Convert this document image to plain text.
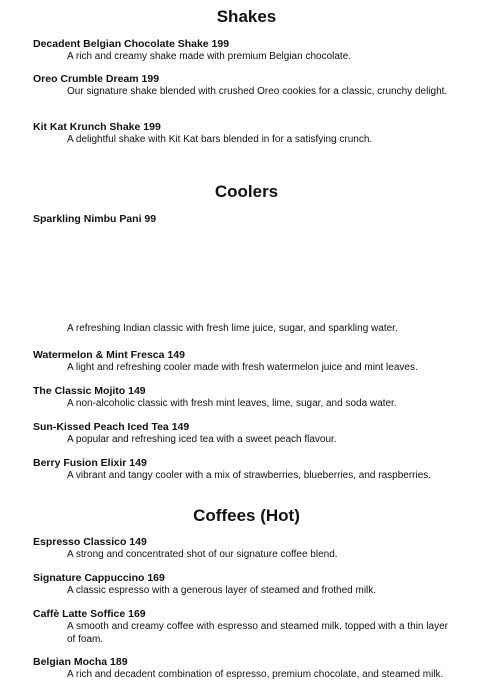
Shakes
Decadent Belgian Chocolate Shake 199
A rich and creamy shake made with premium Belgian chocolate.
Oreo Crumble Dream 199
Our signature shake blended with crushed Oreo cookies for a classic, crunchy delight.
Kit Kat Krunch Shake 199
A delightful shake with Kit Kat bars blended in for a satisfying crunch.
Coolers
Sparkling Nimbu Pani 99
A refreshing Indian classic with fresh lime juice, sugar, and sparkling water.
Watermelon & Mint Fresca 149
A light and refreshing cooler made with fresh watermelon juice and mint leaves.
The Classic Mojito 149
A non-alcoholic classic with fresh mint leaves, lime, sugar, and soda water.
Sun-Kissed Peach Iced Tea 149
A popular and refreshing iced tea with a sweet peach flavour.
Berry Fusion Elixir 149
A vibrant and tangy cooler with a mix of strawberries, blueberries, and raspberries.
Coffees (Hot)
Espresso Classico 149
A strong and concentrated shot of our signature coffee blend.
Signature Cappuccino 169
A classic espresso with a generous layer of steamed and frothed milk.
Caffè Latte Soffice 169
A smooth and creamy coffee with espresso and steamed milk, topped with a thin layer of foam.
Belgian Mocha 189
A rich and decadent combination of espresso, premium chocolate, and steamed milk.
